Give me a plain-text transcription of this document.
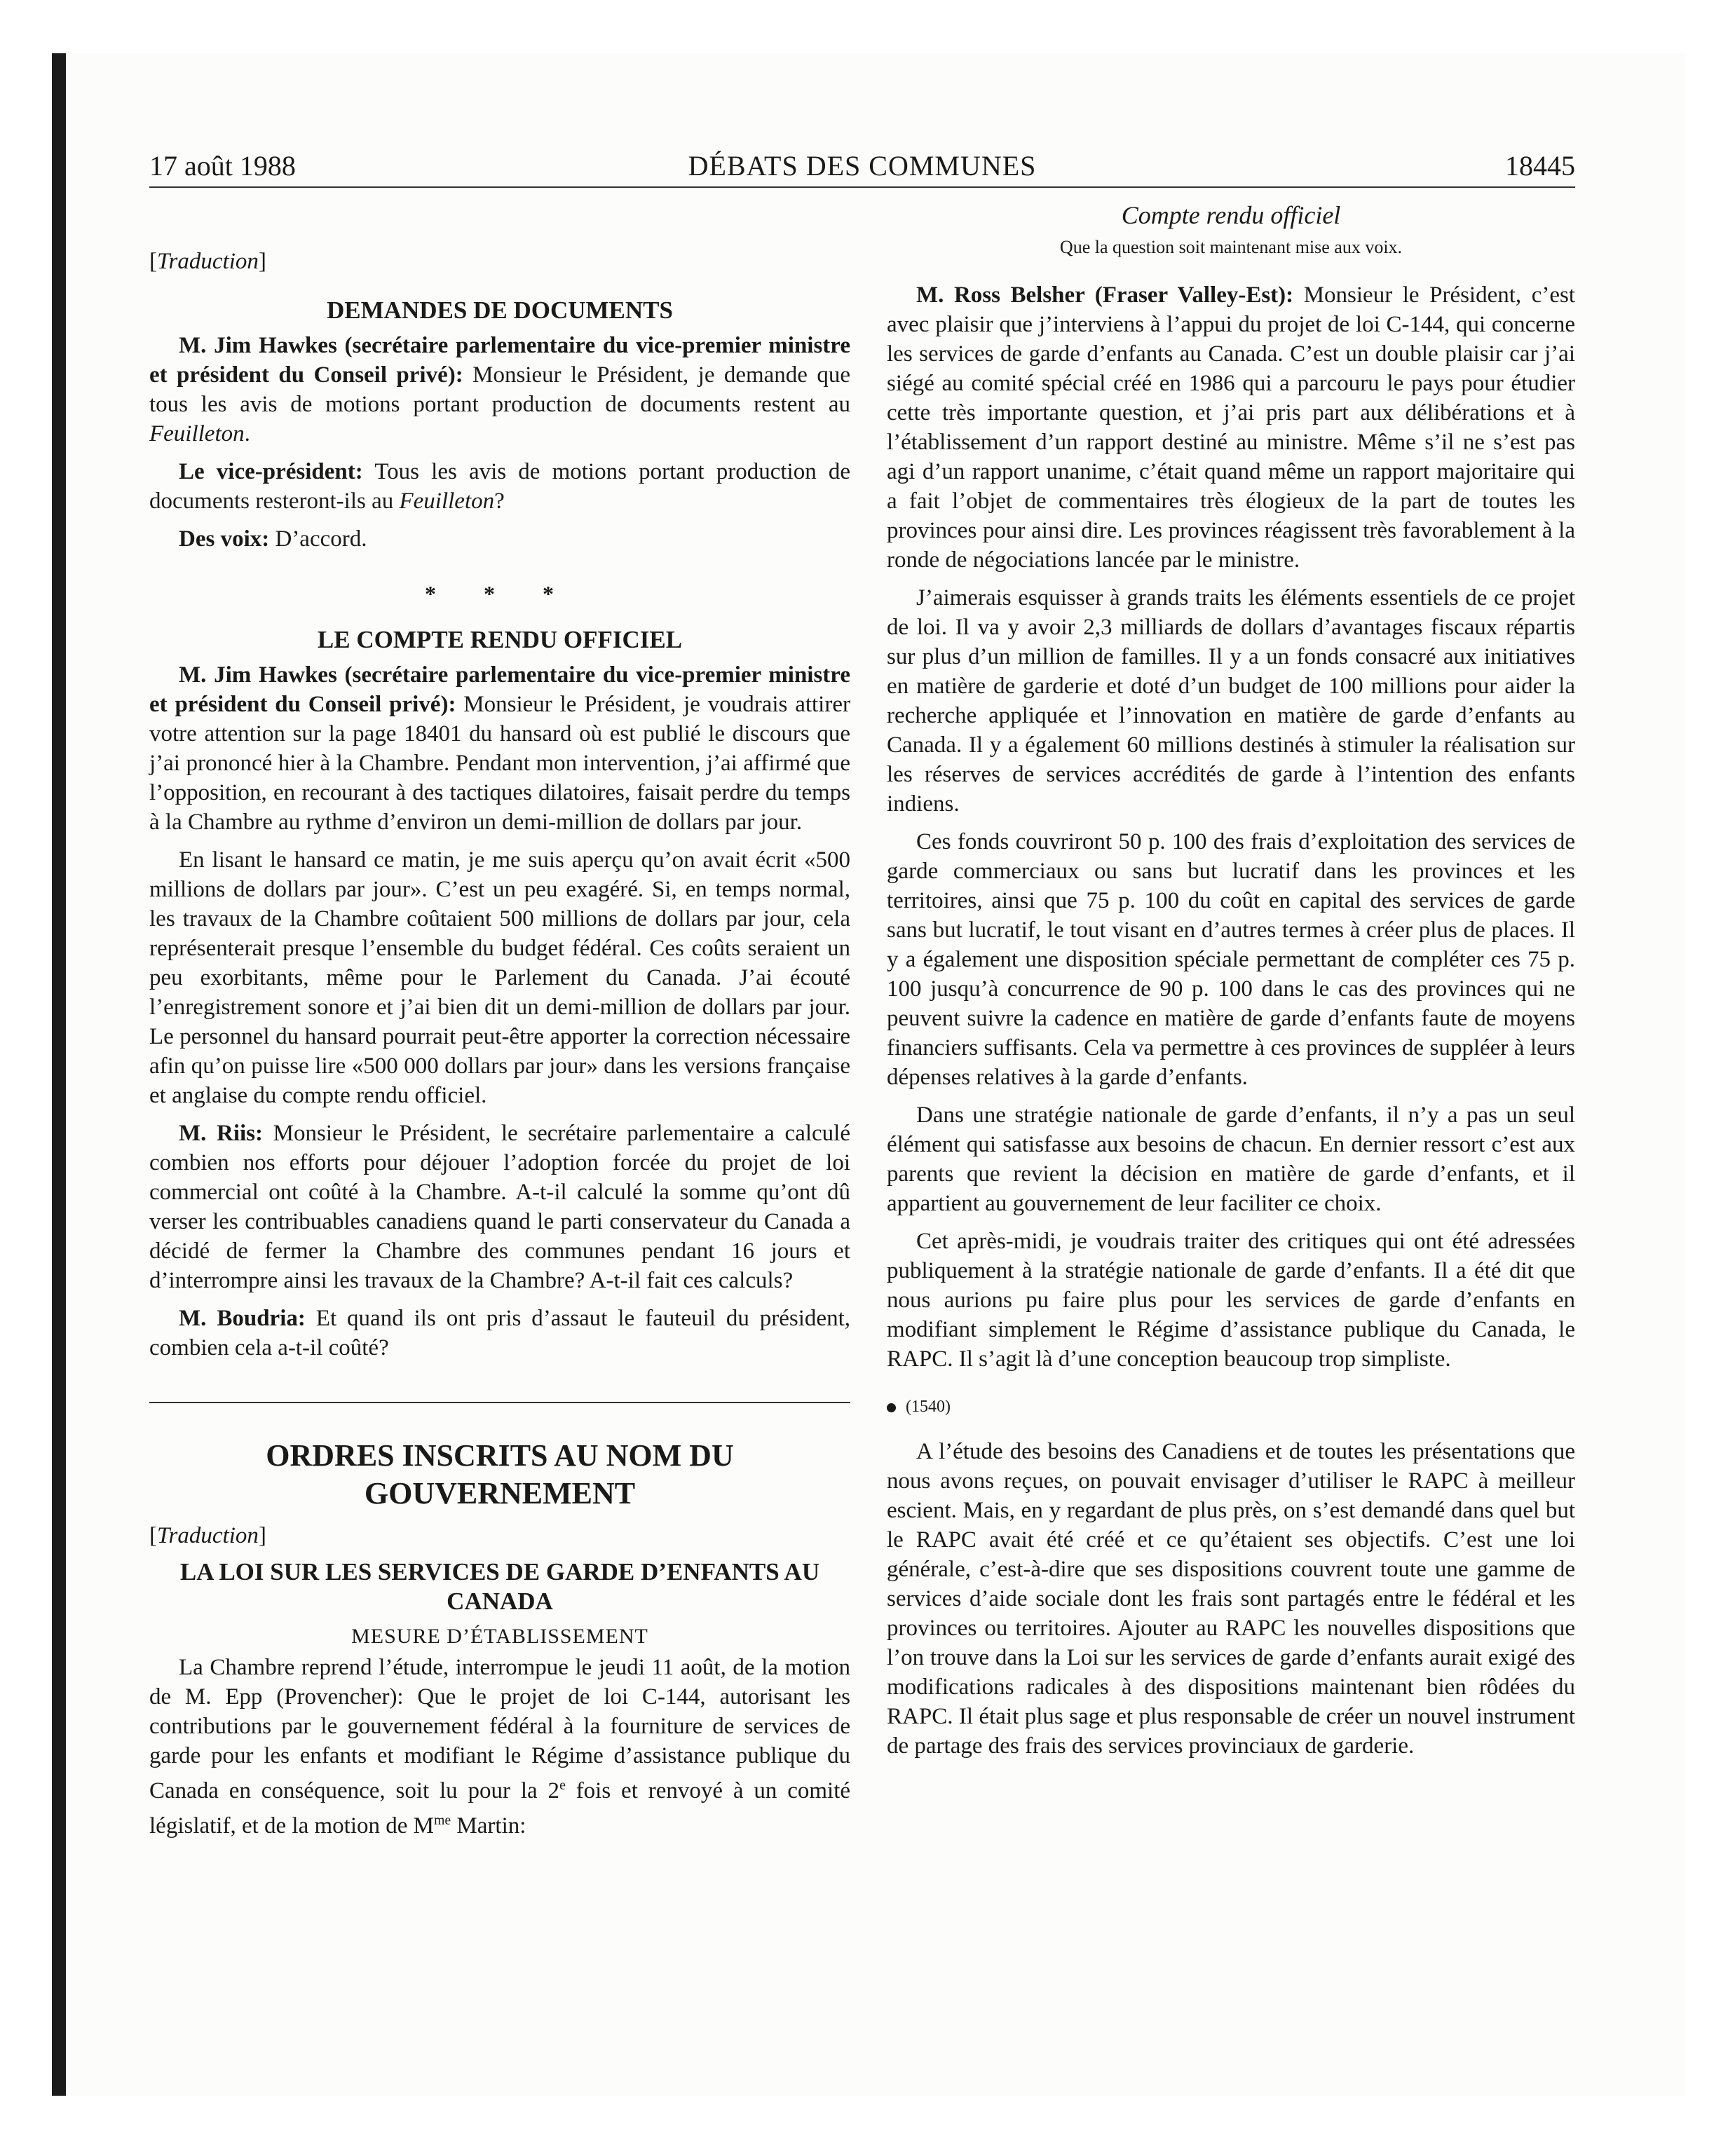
17 août 1988	DÉBATS DES COMMUNES	18445

[Traduction]

DEMANDES DE DOCUMENTS

M. Jim Hawkes (secrétaire parlementaire du vice-premier ministre et président du Conseil privé): Monsieur le Président, je demande que tous les avis de motions portant production de documents restent au Feuilleton.

Le vice-président: Tous les avis de motions portant production de documents resteront-ils au Feuilleton?

Des voix: D’accord.

* * *

LE COMPTE RENDU OFFICIEL

M. Jim Hawkes (secrétaire parlementaire du vice-premier ministre et président du Conseil privé): Monsieur le Président, je voudrais attirer votre attention sur la page 18401 du hansard où est publié le discours que j’ai prononcé hier à la Chambre. Pendant mon intervention, j’ai affirmé que l’opposition, en recourant à des tactiques dilatoires, faisait perdre du temps à la Chambre au rythme d’environ un demi-million de dollars par jour.

En lisant le hansard ce matin, je me suis aperçu qu’on avait écrit «500 millions de dollars par jour». C’est un peu exagéré. Si, en temps normal, les travaux de la Chambre coûtaient 500 millions de dollars par jour, cela représenterait presque l’ensemble du budget fédéral. Ces coûts seraient un peu exorbitants, même pour le Parlement du Canada. J’ai écouté l’enregistrement sonore et j’ai bien dit un demi-million de dollars par jour. Le personnel du hansard pourrait peut-être apporter la correction nécessaire afin qu’on puisse lire «500 000 dollars par jour» dans les versions française et anglaise du compte rendu officiel.

M. Riis: Monsieur le Président, le secrétaire parlementaire a calculé combien nos efforts pour déjouer l’adoption forcée du projet de loi commercial ont coûté à la Chambre. A-t-il calculé la somme qu’ont dû verser les contribuables canadiens quand le parti conservateur du Canada a décidé de fermer la Chambre des communes pendant 16 jours et d’interrompre ainsi les travaux de la Chambre? A-t-il fait ces calculs?

M. Boudria: Et quand ils ont pris d’assaut le fauteuil du président, combien cela a-t-il coûté?

ORDRES INSCRITS AU NOM DU GOUVERNEMENT

[Traduction]

LA LOI SUR LES SERVICES DE GARDE D’ENFANTS AU CANADA

MESURE D’ÉTABLISSEMENT

La Chambre reprend l’étude, interrompue le jeudi 11 août, de la motion de M. Epp (Provencher): Que le projet de loi C-144, autorisant les contributions par le gouvernement fédéral à la fourniture de services de garde pour les enfants et modifiant le Régime d’assistance publique du Canada en conséquence, soit lu pour la 2e fois et renvoyé à un comité législatif, et de la motion de $M^{me}$ Martin:

Compte rendu officiel

Que la question soit maintenant mise aux voix.

M. Ross Belsher (Fraser Valley-Est): Monsieur le Président, c’est avec plaisir que j’interviens à l’appui du projet de loi C-144, qui concerne les services de garde d’enfants au Canada. C’est un double plaisir car j’ai siégé au comité spécial créé en 1986 qui a parcouru le pays pour étudier cette très importante question, et j’ai pris part aux délibérations et à l’établissement d’un rapport destiné au ministre. Même s’il ne s’est pas agi d’un rapport unanime, c’était quand même un rapport majoritaire qui a fait l’objet de commentaires très élogieux de la part de toutes les provinces pour ainsi dire. Les provinces réagissent très favorablement à la ronde de négociations lancée par le ministre.

J’aimerais esquisser à grands traits les éléments essentiels de ce projet de loi. Il va y avoir 2,3 milliards de dollars d’avantages fiscaux répartis sur plus d’un million de familles. Il y a un fonds consacré aux initiatives en matière de garderie et doté d’un budget de 100 millions pour aider la recherche appliquée et l’innovation en matière de garde d’enfants au Canada. Il y a également 60 millions destinés à stimuler la réalisation sur les réserves de services accrédités de garde à l’intention des enfants indiens.

Ces fonds couvriront 50 p. 100 des frais d’exploitation des services de garde commerciaux ou sans but lucratif dans les provinces et les territoires, ainsi que 75 p. 100 du coût en capital des services de garde sans but lucratif, le tout visant en d’autres termes à créer plus de places. Il y a également une disposition spéciale permettant de compléter ces 75 p. 100 jusqu’à concurrence de 90 p. 100 dans le cas des provinces qui ne peuvent suivre la cadence en matière de garde d’enfants faute de moyens financiers suffisants. Cela va permettre à ces provinces de suppléer à leurs dépenses relatives à la garde d’enfants.

Dans une stratégie nationale de garde d’enfants, il n’y a pas un seul élément qui satisfasse aux besoins de chacun. En dernier ressort c’est aux parents que revient la décision en matière de garde d’enfants, et il appartient au gouvernement de leur faciliter ce choix.

Cet après-midi, je voudrais traiter des critiques qui ont été adressées publiquement à la stratégie nationale de garde d’enfants. Il a été dit que nous aurions pu faire plus pour les services de garde d’enfants en modifiant simplement le Régime d’assistance publique du Canada, le RAPC. Il s’agit là d’une conception beaucoup trop simpliste.

(1540)

A l’étude des besoins des Canadiens et de toutes les présentations que nous avons reçues, on pouvait envisager d’utiliser le RAPC à meilleur escient. Mais, en y regardant de plus près, on s’est demandé dans quel but le RAPC avait été créé et ce qu’étaient ses objectifs. C’est une loi générale, c’est-à-dire que ses dispositions couvrent toute une gamme de services d’aide sociale dont les frais sont partagés entre le fédéral et les provinces ou territoires. Ajouter au RAPC les nouvelles dispositions que l’on trouve dans la Loi sur les services de garde d’enfants aurait exigé des modifications radicales à des dispositions maintenant bien rôdées du RAPC. Il était plus sage et plus responsable de créer un nouvel instrument de partage des frais des services provinciaux de garderie.
